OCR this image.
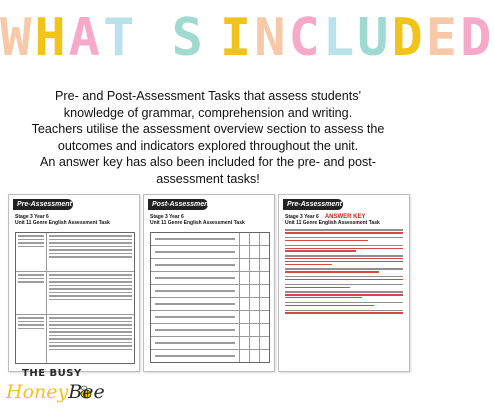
WHAT'S INCLUDED

Pre- and Post-Assessment Tasks that assess students'

knowledge of grammar, comprehension and writing.

Teachers utilise the assessment overview section to assess the

outcomes and indicators explored throughout the unit.

An answer key has also been included for the pre- and post-

assessment tasks!

Pre-Assessment
Stage 3 Year 6
Unit 11 Genre English Assessment Task
Post-Assessment
Stage 3 Year 6
Unit 11 Genre English Assessment Task
Pre-Assessment
Stage 3 Year 6 ANSWER KEY
Unit 11 Genre English Assessment Task
THE BUSY
HoneyBee
